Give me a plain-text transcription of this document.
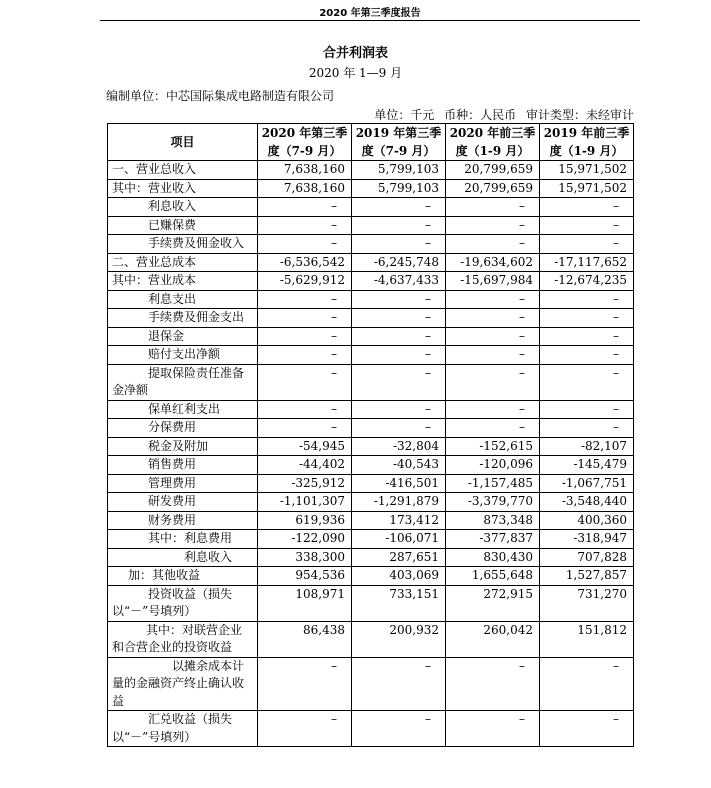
2020 年第三季度报告
合并利润表
2020 年 1—9 月
编制单位：中芯国际集成电路制造有限公司
单位：千元 币种：人民币 审计类型：未经审计
项目	2020 年第三季度（7-9 月）	2019 年第三季度（7-9 月）	2020 年前三季度（1-9 月）	2019 年前三季度（1-9 月）
一、营业总收入	7,638,160	5,799,103	20,799,659	15,971,502
其中：营业收入	7,638,160	5,799,103	20,799,659	15,971,502
利息收入	–	–	–	–
已赚保费	–	–	–	–
手续费及佣金收入	–	–	–	–
二、营业总成本	-6,536,542	-6,245,748	-19,634,602	-17,117,652
其中：营业成本	-5,629,912	-4,637,433	-15,697,984	-12,674,235
利息支出	–	–	–	–
手续费及佣金支出	–	–	–	–
退保金	–	–	–	–
赔付支出净额	–	–	–	–
提取保险责任准备金净额	–	–	–	–
保单红利支出	–	–	–	–
分保费用	–	–	–	–
税金及附加	-54,945	-32,804	-152,615	-82,107
销售费用	-44,402	-40,543	-120,096	-145,479
管理费用	-325,912	-416,501	-1,157,485	-1,067,751
研发费用	-1,101,307	-1,291,879	-3,379,770	-3,548,440
财务费用	619,936	173,412	873,348	400,360
其中：利息费用	-122,090	-106,071	-377,837	-318,947
利息收入	338,300	287,651	830,430	707,828
加：其他收益	954,536	403,069	1,655,648	1,527,857
投资收益（损失以“－”号填列）	108,971	733,151	272,915	731,270
其中：对联营企业和合营企业的投资收益	86,438	200,932	260,042	151,812
以摊余成本计量的金融资产终止确认收益	–	–	–	–
汇兑收益（损失以“－”号填列）	–	–	–	–
